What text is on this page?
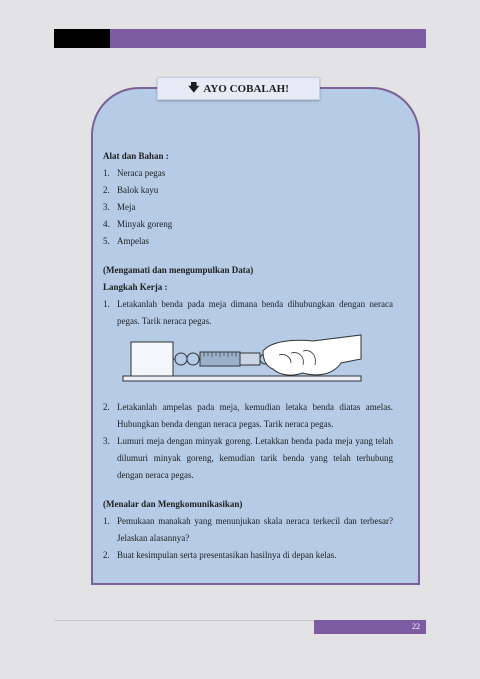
🡇 AYO COBALAH!
Alat dan Bahan :
1. Neraca pegas
2. Balok kayu
3. Meja
4. Minyak goreng
5. Ampelas
(Mengamati dan mengumpulkan Data)
Langkah Kerja :
1. Letakanlah benda pada meja dimana benda dihubungkan dengan neraca pegas. Tarik neraca pegas.
2. Letakanlah ampelas pada meja, kemudian letaka benda diatas amelas. Hubungkan benda dengan neraca pegas. Tarik neraca pegas.
3. Lumuri meja dengan minyak goreng. Letakkan benda pada meja yang telah dilumuri minyak goreng, kemudian tarik benda yang telah terhubung dengan neraca pegas.
(Menalar dan Mengkomunikasikan)
1. Pemukaan manakah yang menunjukan skala neraca terkecil dan terbesar? Jelaskan alasannya?
2. Buat kesimpulan serta presentasikan hasilnya di depan kelas.
22
